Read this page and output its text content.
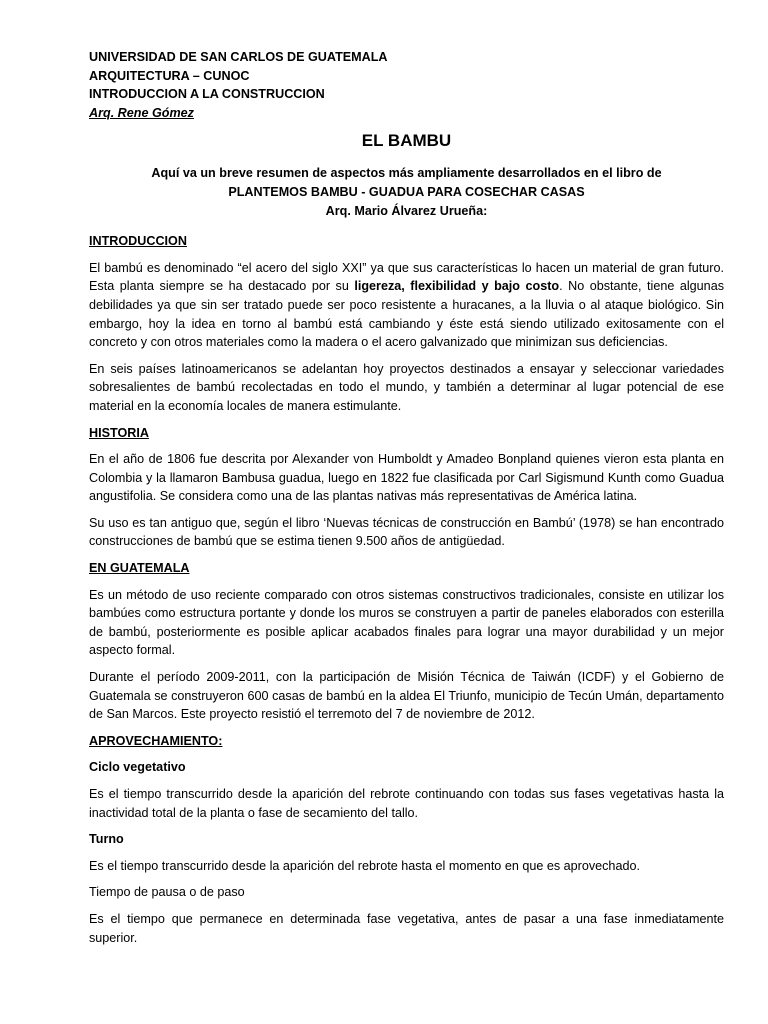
UNIVERSIDAD DE SAN CARLOS DE GUATEMALA
ARQUITECTURA – CUNOC
INTRODUCCION A LA CONSTRUCCION
Arq. Rene Gómez
EL BAMBU
Aquí va un breve resumen de aspectos más ampliamente desarrollados en el libro de
PLANTEMOS BAMBU - GUADUA PARA COSECHAR CASAS
Arq. Mario Álvarez Urueña:
INTRODUCCION

El bambú es denominado “el acero del siglo XXI” ya que sus características lo hacen un material de gran futuro. Esta planta siempre se ha destacado por su ligereza, flexibilidad y bajo costo. No obstante, tiene algunas debilidades ya que sin ser tratado puede ser poco resistente a huracanes, a la lluvia o al ataque biológico. Sin embargo, hoy la idea en torno al bambú está cambiando y éste está siendo utilizado exitosamente con el concreto y con otros materiales como la madera o el acero galvanizado que minimizan sus deficiencias.

En seis países latinoamericanos se adelantan hoy proyectos destinados a ensayar y seleccionar variedades sobresalientes de bambú recolectadas en todo el mundo, y también a determinar al lugar potencial de ese material en la economía locales de manera estimulante.

HISTORIA

En el año de 1806 fue descrita por Alexander von Humboldt y Amadeo Bonpland quienes vieron esta planta en Colombia y la llamaron Bambusa guadua, luego en 1822 fue clasificada por Carl Sigismund Kunth como Guadua angustifolia. Se considera como una de las plantas nativas más representativas de América latina.

Su uso es tan antiguo que, según el libro ‘Nuevas técnicas de construcción en Bambú’ (1978) se han encontrado construcciones de bambú que se estima tienen 9.500 años de antigüedad.

EN GUATEMALA

Es un método de uso reciente comparado con otros sistemas constructivos tradicionales, consiste en utilizar los bambúes como estructura portante y donde los muros se construyen a partir de paneles elaborados con esterilla de bambú, posteriormente es posible aplicar acabados finales para lograr una mayor durabilidad y un mejor aspecto formal.

Durante el período 2009-2011, con la participación de Misión Técnica de Taiwán (ICDF) y el Gobierno de Guatemala se construyeron 600 casas de bambú en la aldea El Triunfo, municipio de Tecún Umán, departamento de San Marcos. Este proyecto resistió el terremoto del 7 de noviembre de 2012.

APROVECHAMIENTO:
Ciclo vegetativo

Es el tiempo transcurrido desde la aparición del rebrote continuando con todas sus fases vegetativas hasta la inactividad total de la planta o fase de secamiento del tallo.

Turno

Es el tiempo transcurrido desde la aparición del rebrote hasta el momento en que es aprovechado.

Tiempo de pausa o de paso

Es el tiempo que permanece en determinada fase vegetativa, antes de pasar a una fase inmediatamente superior.
